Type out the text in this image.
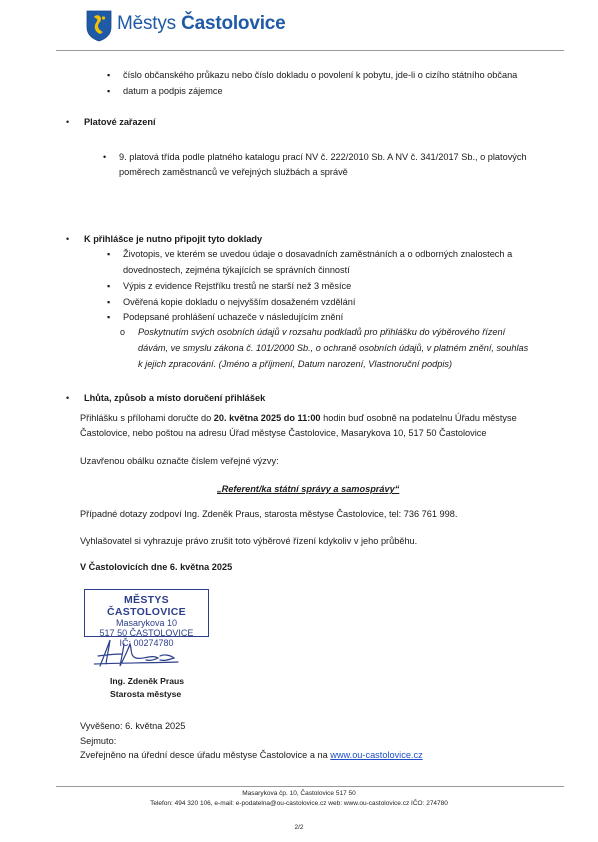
Městys Častolovice
▪ číslo občanského průkazu nebo číslo dokladu o povolení k pobytu, jde-li o cizího státního občana
▪ datum a podpis zájemce
• Platové zařazení
• 9. platová třída podle platného katalogu prací NV č. 222/2010 Sb. A NV č. 341/2017 Sb., o platových
poměrech zaměstnanců ve veřejných službách a správě
• K přihlášce je nutno připojit tyto doklady
▪ Životopis, ve kterém se uvedou údaje o dosavadních zaměstnáních a o odborných znalostech a
dovednostech, zejména týkajících se správních činností
▪ Výpis z evidence Rejstříku trestů ne starší než 3 měsíce
▪ Ověřená kopie dokladu o nejvyšším dosaženém vzdělání
▪ Podepsané prohlášení uchazeče v následujícím znění
o Poskytnutím svých osobních údajů v rozsahu podkladů pro přihlášku do výběrového řízení
dávám, ve smyslu zákona č. 101/2000 Sb., o ochraně osobních údajů, v platném znění, souhlas
k jejich zpracování. (Jméno a příjmení, Datum narození, Vlastnoruční podpis)
• Lhůta, způsob a místo doručení přihlášek
Přihlášku s přílohami doručte do 20. května 2025 do 11:00 hodin buď osobně na podatelnu Úřadu městyse
Častolovice, nebo poštou na adresu Úřad městyse Častolovice, Masarykova 10, 517 50 Častolovice
Uzavřenou obálku označte číslem veřejné výzvy:
„Referent/ka státní správy a samosprávy“
Případné dotazy zodpoví Ing. Zdeněk Praus, starosta městyse Častolovice, tel: 736 761 998.
Vyhlašovatel si vyhrazuje právo zrušit toto výběrové řízení kdykoliv v jeho průběhu.
V Častolovicích dne 6. května 2025
MĚSTYS ČASTOLOVICE
Masarykova 10
517 50 ČASTOLOVICE
IČ: 00274780
Ing. Zdeněk Praus
Starosta městyse
Vyvěšeno: 6. května 2025
Sejmuto:
Zveřejněno na úřední desce úřadu městyse Častolovice a na www.ou-castolovice.cz
Masarykova čp. 10, Častolovice 517 50
Telefon: 494 320 106, e-mail: e-podatelna@ou-castolovice.cz web: www.ou-castolovice.cz IČO: 274780
2/2
